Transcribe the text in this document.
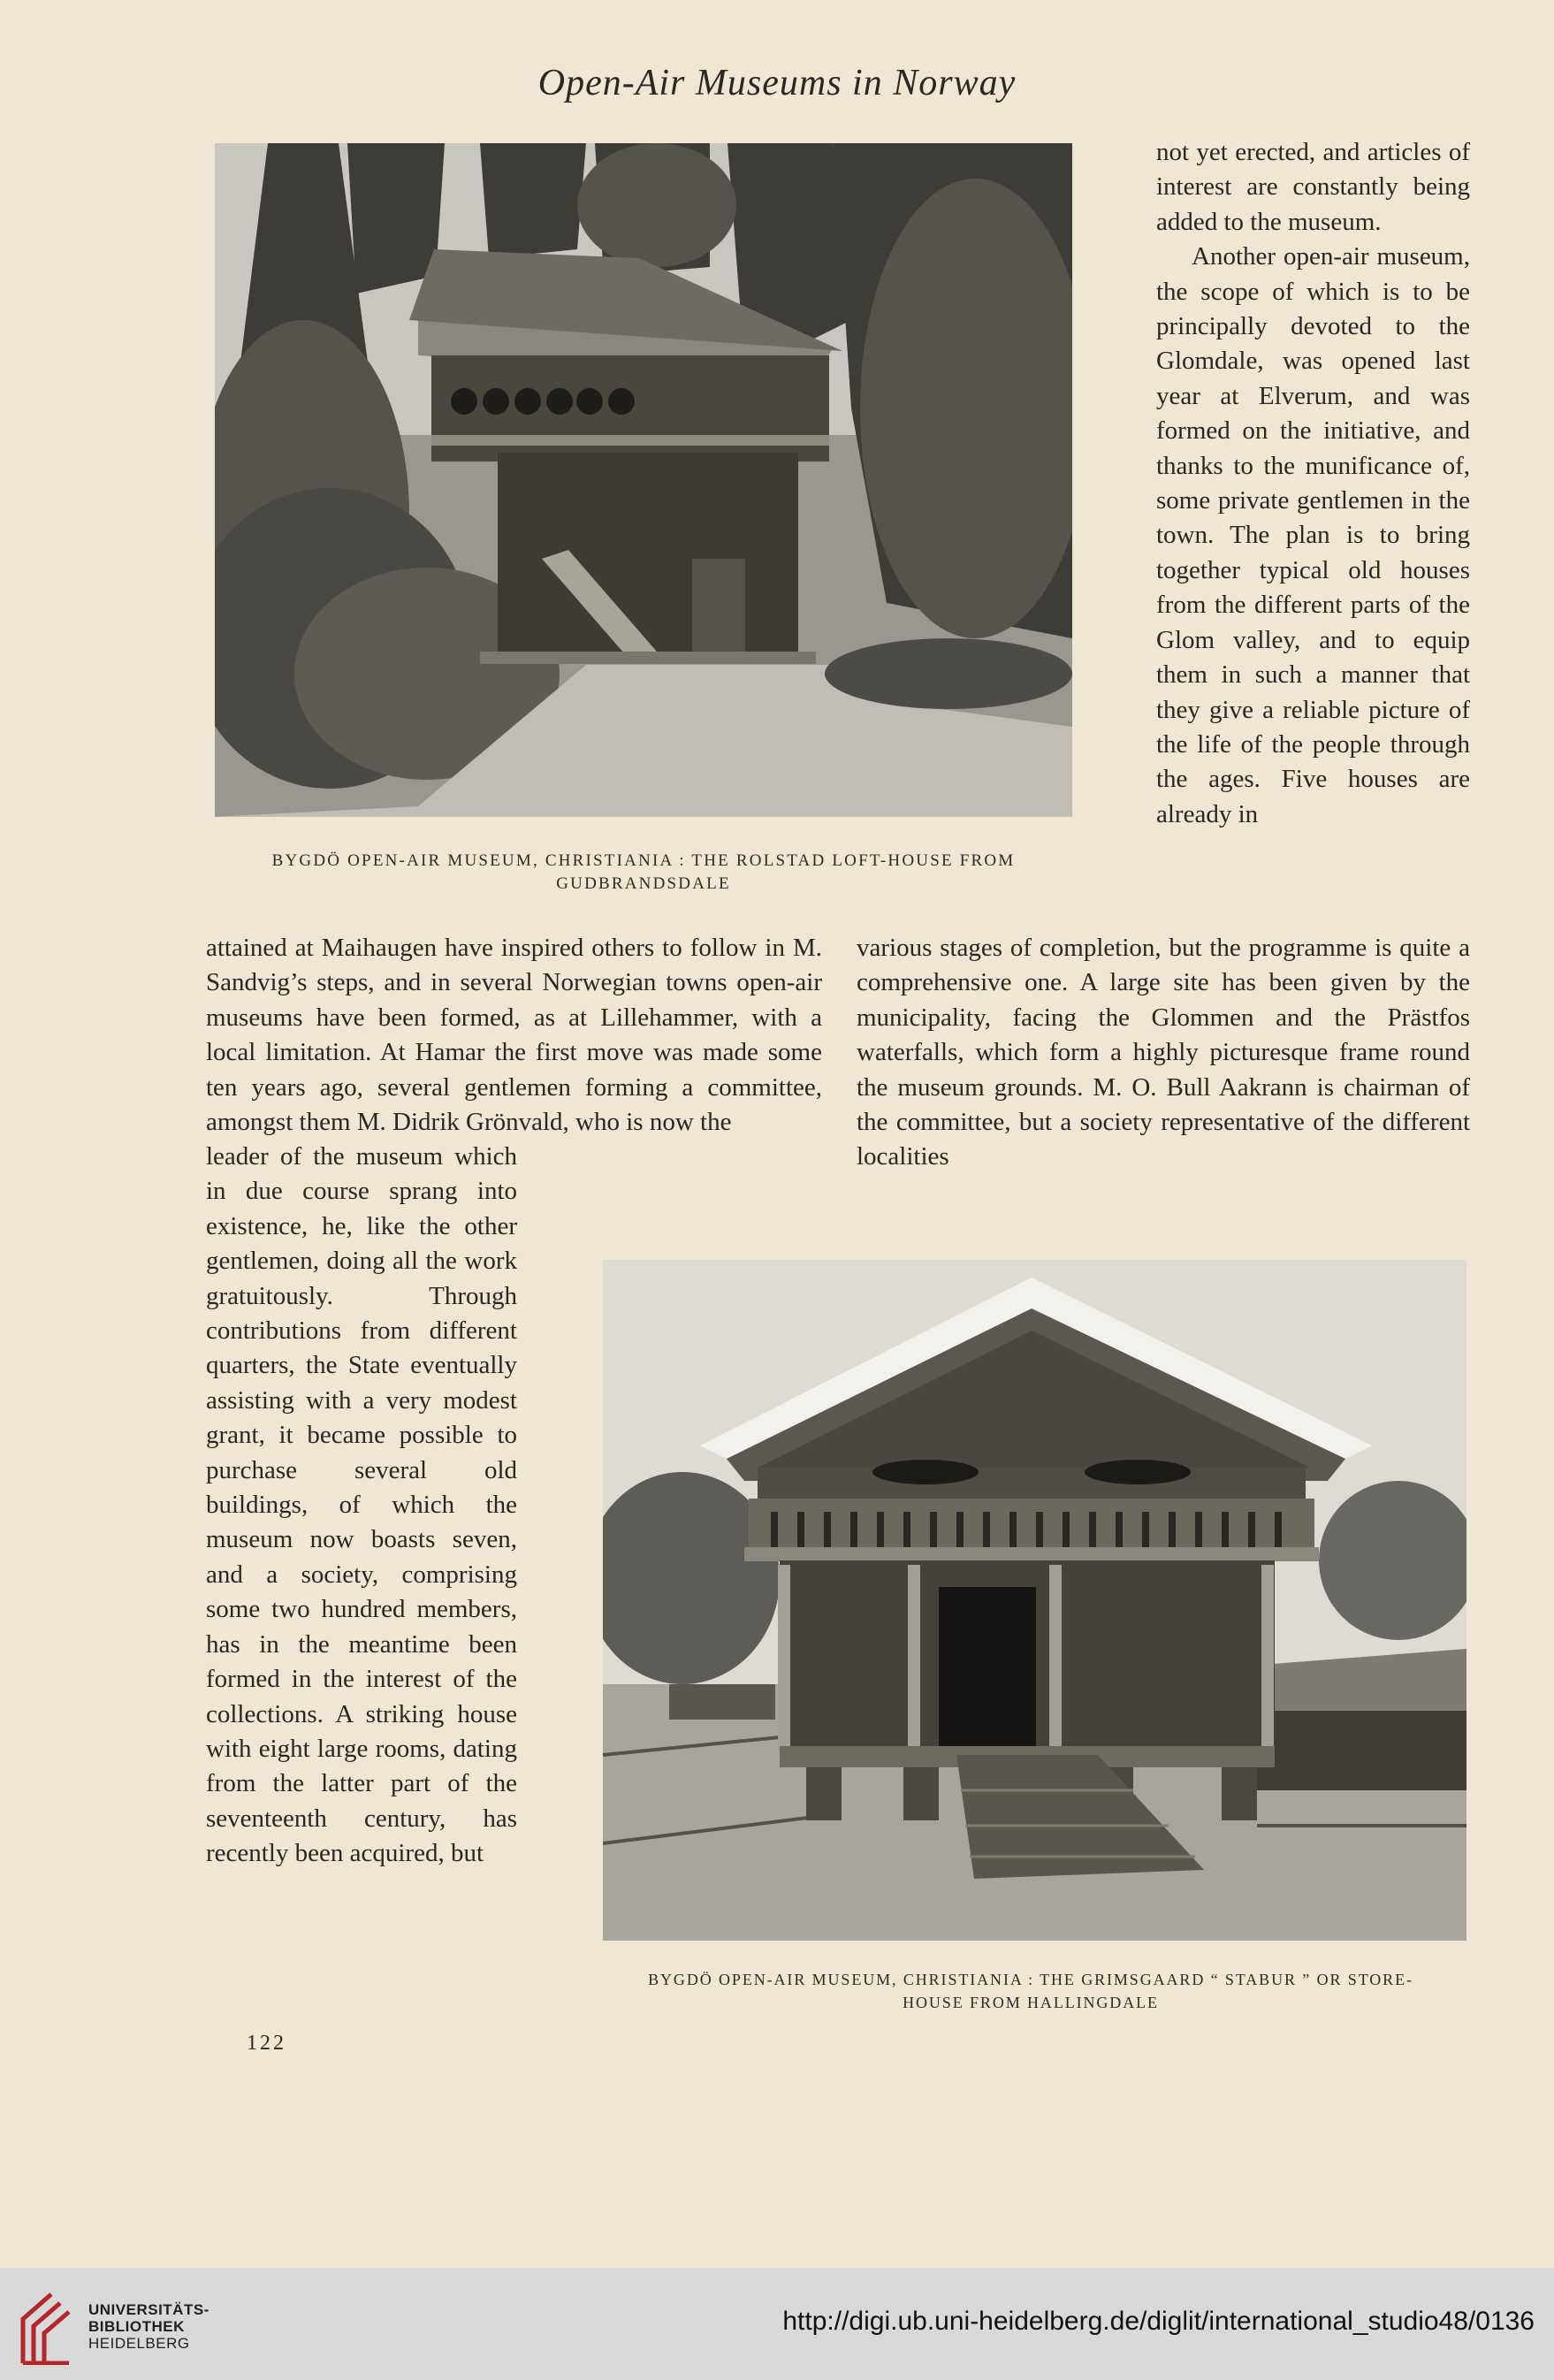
Open-Air Museums in Norway
BYGDÖ OPEN-AIR MUSEUM, CHRISTIANIA : THE ROLSTAD LOFT-HOUSE FROM
GUDBRANDSDALE

not yet erected, and articles of interest are constantly being added to the museum.

Another open-air museum, the scope of which is to be principally devoted to the Glomdale, was opened last year at Elverum, and was formed on the initiative, and thanks to the munificance of, some private gentlemen in the town. The plan is to bring together typical old houses from the different parts of the Glom valley, and to equip them in such a manner that they give a reliable picture of the life of the people through the ages. Five houses are already in

attained at Maihaugen have inspired others to follow in M. Sandvig’s steps, and in several Norwegian towns open-air museums have been formed, as at Lillehammer, with a local limitation. At Hamar the first move was made some ten years ago, several gentlemen forming a committee, amongst them M. Didrik Grönvald, who is now the

various stages of completion, but the programme is quite a comprehensive one. A large site has been given by the municipality, facing the Glommen and the Prästfos waterfalls, which form a highly picturesque frame round the museum grounds. M. O. Bull Aakrann is chairman of the committee, but a society representative of the different localities

leader of the museum which in due course sprang into existence, he, like the other gentlemen, doing all the work gratuitously. Through contributions from different quarters, the State eventually assisting with a very modest grant, it became possible to purchase several old buildings, of which the museum now boasts seven, and a society, comprising some two hundred members, has in the meantime been formed in the interest of the collections. A striking house with eight large rooms, dating from the latter part of the seventeenth century, has recently been acquired, but

BYGDÖ OPEN-AIR MUSEUM, CHRISTIANIA : THE GRIMSGAARD “ STABUR ” OR STORE-
HOUSE FROM HALLINGDALE
122
UNIVERSITÄTS-
BIBLIOTHEK
HEIDELBERG
http://digi.ub.uni-heidelberg.de/diglit/international_studio48/0136
